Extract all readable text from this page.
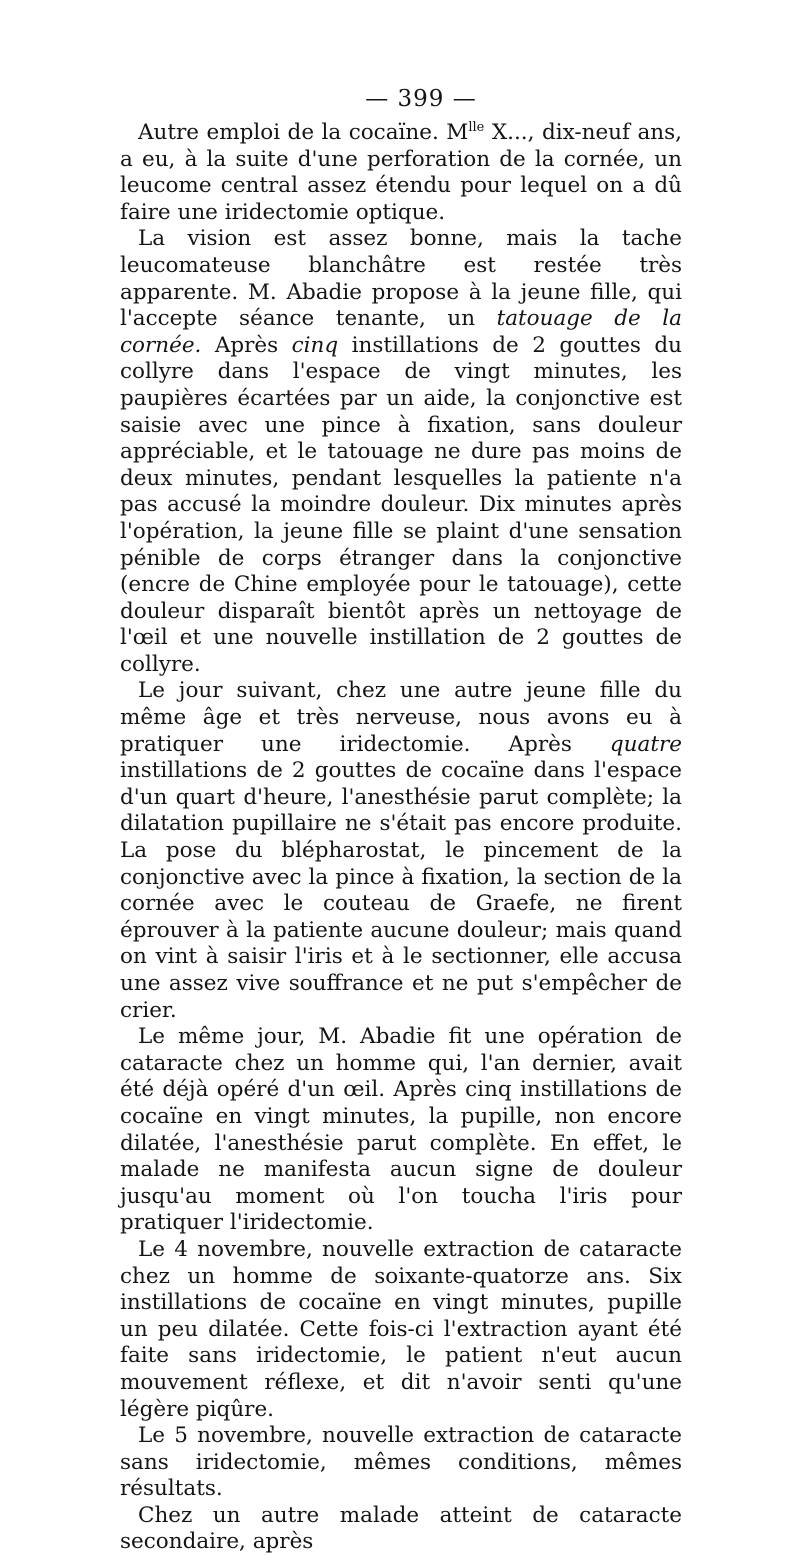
— 399 —

Autre emploi de la cocaïne. $M^{lle}$ X..., dix-neuf ans, a eu, à la suite d'une perforation de la cornée, un leucome central assez étendu pour lequel on a dû faire une iridectomie optique.

La vision est assez bonne, mais la tache leucomateuse blanchâtre est restée très apparente. M. Abadie propose à la jeune fille, qui l'accepte séance tenante, un tatouage de la cornée. Après cinq instillations de 2 gouttes du collyre dans l'espace de vingt minutes, les paupières écartées par un aide, la conjonctive est saisie avec une pince à fixation, sans douleur appréciable, et le tatouage ne dure pas moins de deux minutes, pendant lesquelles la patiente n'a pas accusé la moindre douleur. Dix minutes après l'opération, la jeune fille se plaint d'une sensation pénible de corps étranger dans la conjonctive (encre de Chine employée pour le tatouage), cette douleur disparaît bientôt après un nettoyage de l'œil et une nouvelle instillation de 2 gouttes de collyre.

Le jour suivant, chez une autre jeune fille du même âge et très nerveuse, nous avons eu à pratiquer une iridectomie. Après quatre instillations de 2 gouttes de cocaïne dans l'espace d'un quart d'heure, l'anesthésie parut complète; la dilatation pupillaire ne s'était pas encore produite. La pose du blépharostat, le pincement de la conjonctive avec la pince à fixation, la section de la cornée avec le couteau de Graefe, ne firent éprouver à la patiente aucune douleur; mais quand on vint à saisir l'iris et à le sectionner, elle accusa une assez vive souffrance et ne put s'empêcher de crier.

Le même jour, M. Abadie fit une opération de cataracte chez un homme qui, l'an dernier, avait été déjà opéré d'un œil. Après cinq instillations de cocaïne en vingt minutes, la pupille, non encore dilatée, l'anesthésie parut complète. En effet, le malade ne manifesta aucun signe de douleur jusqu'au moment où l'on toucha l'iris pour pratiquer l'iridectomie.

Le 4 novembre, nouvelle extraction de cataracte chez un homme de soixante-quatorze ans. Six instillations de cocaïne en vingt minutes, pupille un peu dilatée. Cette fois-ci l'extraction ayant été faite sans iridectomie, le patient n'eut aucun mouvement réflexe, et dit n'avoir senti qu'une légère piqûre.

Le 5 novembre, nouvelle extraction de cataracte sans iridectomie, mêmes conditions, mêmes résultats.

Chez un autre malade atteint de cataracte secondaire, après
